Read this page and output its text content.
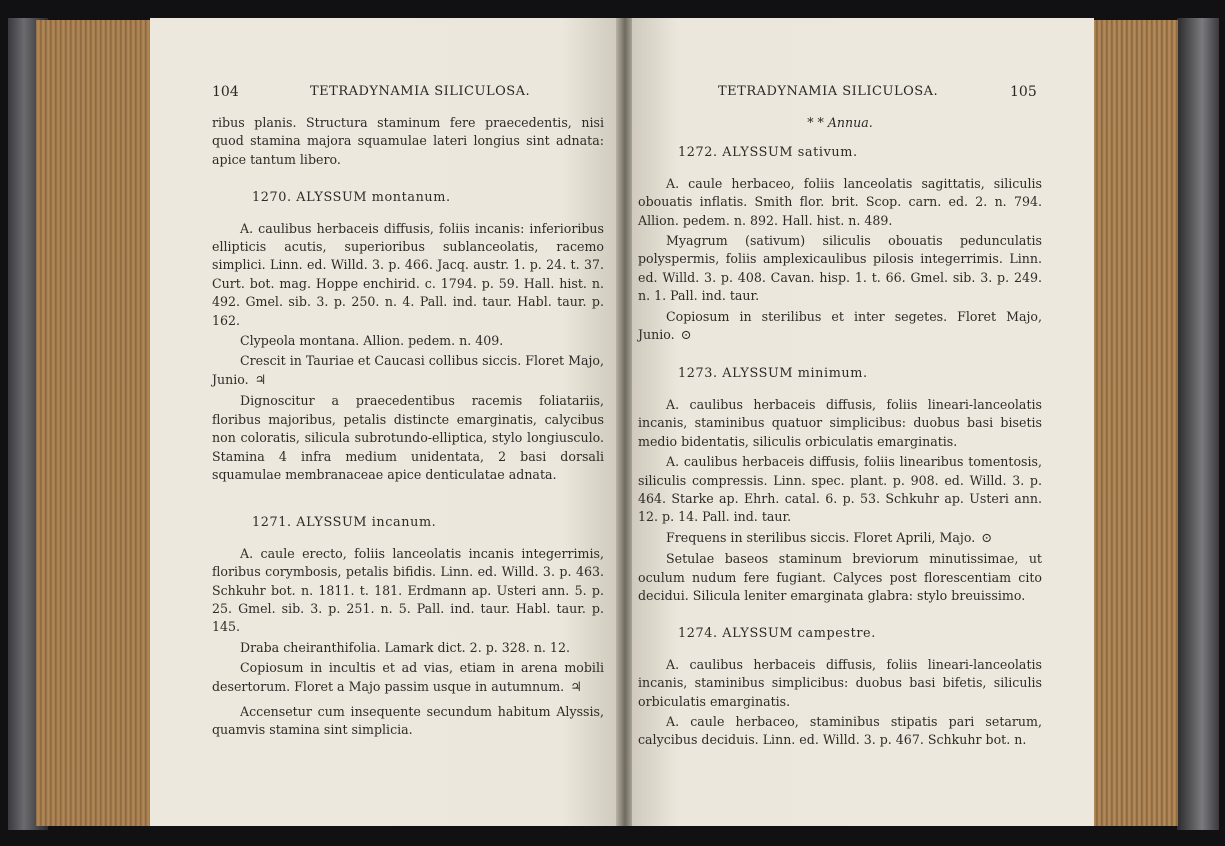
104	TETRADYNAMIA SILICULOSA.

ribus planis. Structura staminum fere praecedentis, nisi quod stamina majora squamulae lateri longius sint adnata: apice tantum libero.

1270. ALYSSUM montanum.

A. caulibus herbaceis diffusis, foliis incanis: inferioribus ellipticis acutis, superioribus sublanceolatis, racemo simplici. Linn. ed. Willd. 3. p. 466. Jacq. austr. 1. p. 24. t. 37. Curt. bot. mag. Hoppe enchirid. c. 1794. p. 59. Hall. hist. n. 492. Gmel. sib. 3. p. 250. n. 4. Pall. ind. taur. Habl. taur. p. 162.

Clypeola montana. Allion. pedem. n. 409.

Crescit in Tauriae et Caucasi collibus siccis. Floret Majo, Junio. ♃

Dignoscitur a praecedentibus racemis foliatariis, floribus majoribus, petalis distincte emarginatis, calycibus non coloratis, silicula subrotundo-elliptica, stylo longiusculo. Stamina 4 infra medium unidentata, 2 basi dorsali squamulae membranaceae apice denticulatae adnata.

1271. ALYSSUM incanum.

A. caule erecto, foliis lanceolatis incanis integerrimis, floribus corymbosis, petalis bifidis. Linn. ed. Willd. 3. p. 463. Schkuhr bot. n. 1811. t. 181. Erdmann ap. Usteri ann. 5. p. 25. Gmel. sib. 3. p. 251. n. 5. Pall. ind. taur. Habl. taur. p. 145.

Draba cheiranthifolia. Lamark dict. 2. p. 328. n. 12.

Copiosum in incultis et ad vias, etiam in arena mobili desertorum. Floret a Majo passim usque in autumnum. ♃

Accensetur cum insequente secundum habitum Alyssis, quamvis stamina sint simplicia.

TETRADYNAMIA SILICULOSA.	105

* * Annua.

1272. ALYSSUM sativum.

A. caule herbaceo, foliis lanceolatis sagittatis, siliculis obouatis inflatis. Smith flor. brit. Scop. carn. ed. 2. n. 794. Allion. pedem. n. 892. Hall. hist. n. 489.

Myagrum (sativum) siliculis obouatis pedunculatis polyspermis, foliis amplexicaulibus pilosis integerrimis. Linn. ed. Willd. 3. p. 408. Cavan. hisp. 1. t. 66. Gmel. sib. 3. p. 249. n. 1. Pall. ind. taur.

Copiosum in sterilibus et inter segetes. Floret Majo, Junio. ⊙

1273. ALYSSUM minimum.

A. caulibus herbaceis diffusis, foliis lineari-lanceolatis incanis, staminibus quatuor simplicibus: duobus basi bisetis medio bidentatis, siliculis orbiculatis emarginatis.

A. caulibus herbaceis diffusis, foliis linearibus tomentosis, siliculis compressis. Linn. spec. plant. p. 908. ed. Willd. 3. p. 464. Starke ap. Ehrh. catal. 6. p. 53. Schkuhr ap. Usteri ann. 12. p. 14. Pall. ind. taur.

Frequens in sterilibus siccis. Floret Aprili, Majo. ⊙

Setulae baseos staminum breviorum minutissimae, ut oculum nudum fere fugiant. Calyces post florescentiam cito decidui. Silicula leniter emarginata glabra: stylo breuissimo.

1274. ALYSSUM campestre.

A. caulibus herbaceis diffusis, foliis lineari-lanceolatis incanis, staminibus simplicibus: duobus basi bifetis, siliculis orbiculatis emarginatis.

A. caule herbaceo, staminibus stipatis pari setarum, calycibus deciduis. Linn. ed. Willd. 3. p. 467. Schkuhr bot. n.
